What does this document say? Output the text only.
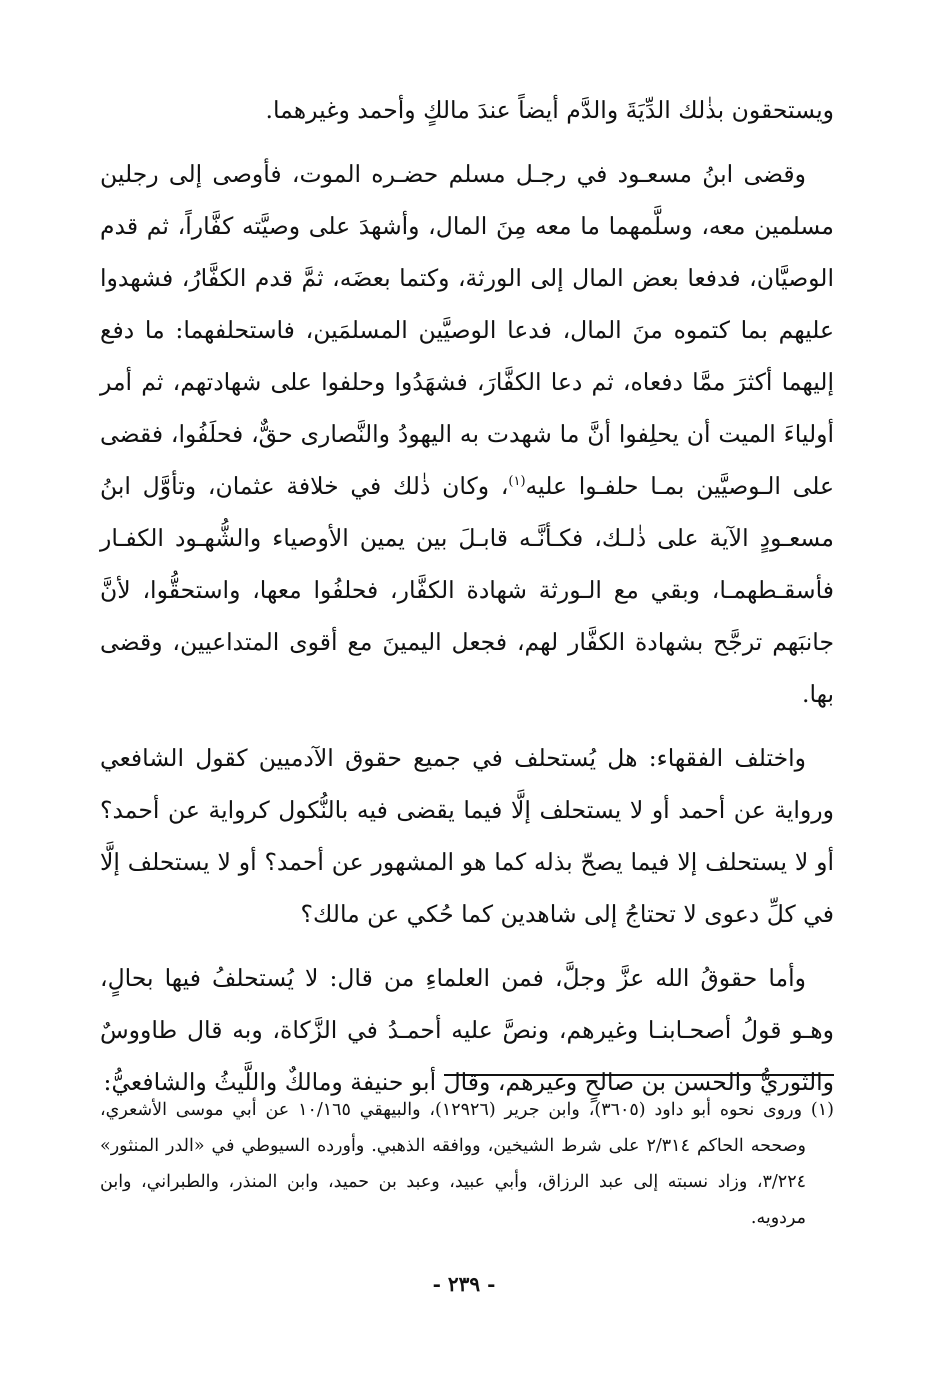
ويستحقون بذٰلك الدِّيَةَ والدَّم أيضاً عندَ مالكٍ وأحمد وغيرهما.

وقضى ابنُ مسعـود في رجـل مسلم حضـره الموت، فأوصى إلى رجلين مسلمين معه، وسلَّمهما ما معه مِنَ المال، وأشهدَ على وصيَّته كفَّاراً، ثم قدم الوصيَّان، فدفعا بعض المال إلى الورثة، وكتما بعضَه، ثمَّ قدم الكفَّارُ، فشهدوا عليهم بما كتموه منَ المال، فدعا الوصيَّين المسلمَين، فاستحلفهما: ما دفع إليهما أكثرَ ممَّا دفعاه، ثم دعا الكفَّارَ، فشهَدُوا وحلفوا على شهادتهم، ثم أمر أولياءَ الميت أن يحلِفوا أنَّ ما شهدت به اليهودُ والنَّصارى حقٌّ، فحلَفُوا، فقضى على الـوصيَّين بمـا حلفـوا عليه$^{(١)}$، وكان ذٰلك في خلافة عثمان، وتأوَّل ابنُ مسعـودٍ الآية على ذٰلـك، فكـأنَّـه قابـلَ بين يمين الأوصياء والشُّهـود الكفـار فأسقـطهمـا، وبقي مع الـورثة شهادة الكفَّار، فحلفُوا معها، واستحقُّوا، لأنَّ جانبَهم ترجَّح بشهادة الكفَّار لهم، فجعل اليمينَ مع أقوى المتداعيين، وقضى بها.

واختلف الفقهاء: هل يُستحلف في جميع حقوق الآدميين كقول الشافعي ورواية عن أحمد أو لا يستحلف إلَّا فيما يقضى فيه بالنُّكول كرواية عن أحمد؟ أو لا يستحلف إلا فيما يصحّ بذله كما هو المشهور عن أحمد؟ أو لا يستحلف إلَّا في كلِّ دعوى لا تحتاجُ إلى شاهدين كما حُكي عن مالك؟

وأما حقوقُ الله عزَّ وجلَّ، فمن العلماءِ من قال: لا يُستحلفُ فيها بحالٍ، وهـو قولُ أصحـابنـا وغيرهم، ونصَّ عليه أحمـدُ في الزَّكاة، وبه قال طاووسٌ والثوريُّ والحسن بن صالحٍ وغيرهم، وقال أبو حنيفة ومالكٌ واللَّيثُ والشافعيُّ:

(١) وروى نحوه أبو داود (٣٦٠٥)، وابن جرير (١٢٩٢٦)، والبيهقي ١٠/١٦٥ عن أبي موسى الأشعري، وصححه الحاكم ٢/٣١٤ على شرط الشيخين، ووافقه الذهبي. وأورده السيوطي في «الدر المنثور» ٣/٢٢٤، وزاد نسبته إلى عبد الرزاق، وأبي عبيد، وعبد بن حميد، وابن المنذر، والطبراني، وابن مردويه.

- ٢٣٩ -
